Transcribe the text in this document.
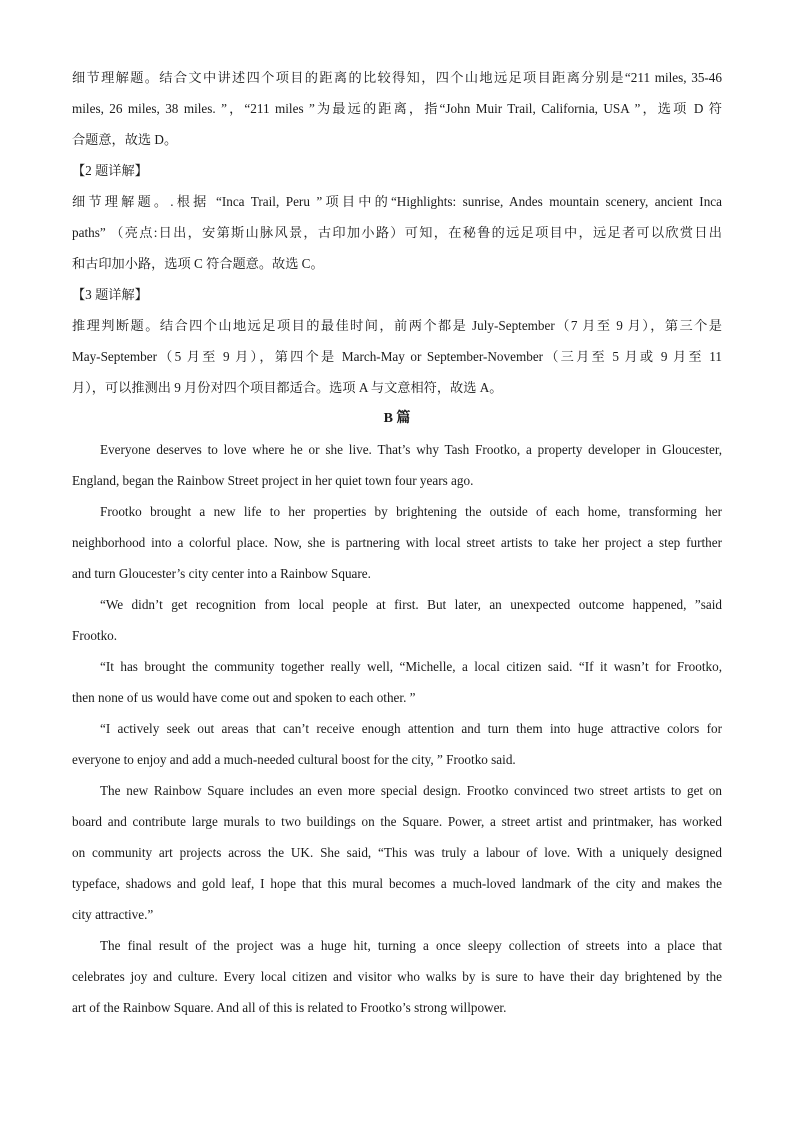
细节理解题。结合文中讲述四个项目的距离的比较得知，四个山地远足项目距离分别是“211 miles, 35-46

miles, 26 miles, 38 miles. ”，“211 miles ”为最远的距离，指“John Muir Trail, California, USA ”，选项 D 符

合题意，故选 D。

【2 题详解】

细节理解题。.根据 “Inca Trail, Peru ”项目中的“Highlights: sunrise, Andes mountain scenery, ancient Inca

paths” （亮点:日出，安第斯山脉风景，古印加小路）可知，在秘鲁的远足项目中，远足者可以欣赏日出

和古印加小路，选项 C 符合题意。故选 C。

【3 题详解】

推理判断题。结合四个山地远足项目的最佳时间，前两个都是 July-September（7 月至 9 月），第三个是

May-September（5 月至 9 月），第四个是 March-May or September-November（三月至 5 月或 9 月至 11

月），可以推测出 9 月份对四个项目都适合。选项 A 与文意相符，故选 A。

B 篇

Everyone deserves to love where he or she live. That’s why Tash Frootko, a property developer in Gloucester,

England, began the Rainbow Street project in her quiet town four years ago.

Frootko brought a new life to her properties by brightening the outside of each home, transforming her

neighborhood into a colorful place. Now, she is partnering with local street artists to take her project a step further

and turn Gloucester’s city center into a Rainbow Square.

“We didn’t get recognition from local people at first. But later, an unexpected outcome happened, ”said

Frootko.

“It has brought the community together really well, “Michelle, a local citizen said. “If it wasn’t for Frootko,

then none of us would have come out and spoken to each other. ”

“I actively seek out areas that can’t receive enough attention and turn them into huge attractive colors for

everyone to enjoy and add a much-needed cultural boost for the city, ” Frootko said.

The new Rainbow Square includes an even more special design. Frootko convinced two street artists to get on

board and contribute large murals to two buildings on the Square. Power, a street artist and printmaker, has worked

on community art projects across the UK. She said, “This was truly a labour of love. With a uniquely designed

typeface, shadows and gold leaf, I hope that this mural becomes a much-loved landmark of the city and makes the

city attractive.”

The final result of the project was a huge hit, turning a once sleepy collection of streets into a place that

celebrates joy and culture. Every local citizen and visitor who walks by is sure to have their day brightened by the

art of the Rainbow Square. And all of this is related to Frootko’s strong willpower.
